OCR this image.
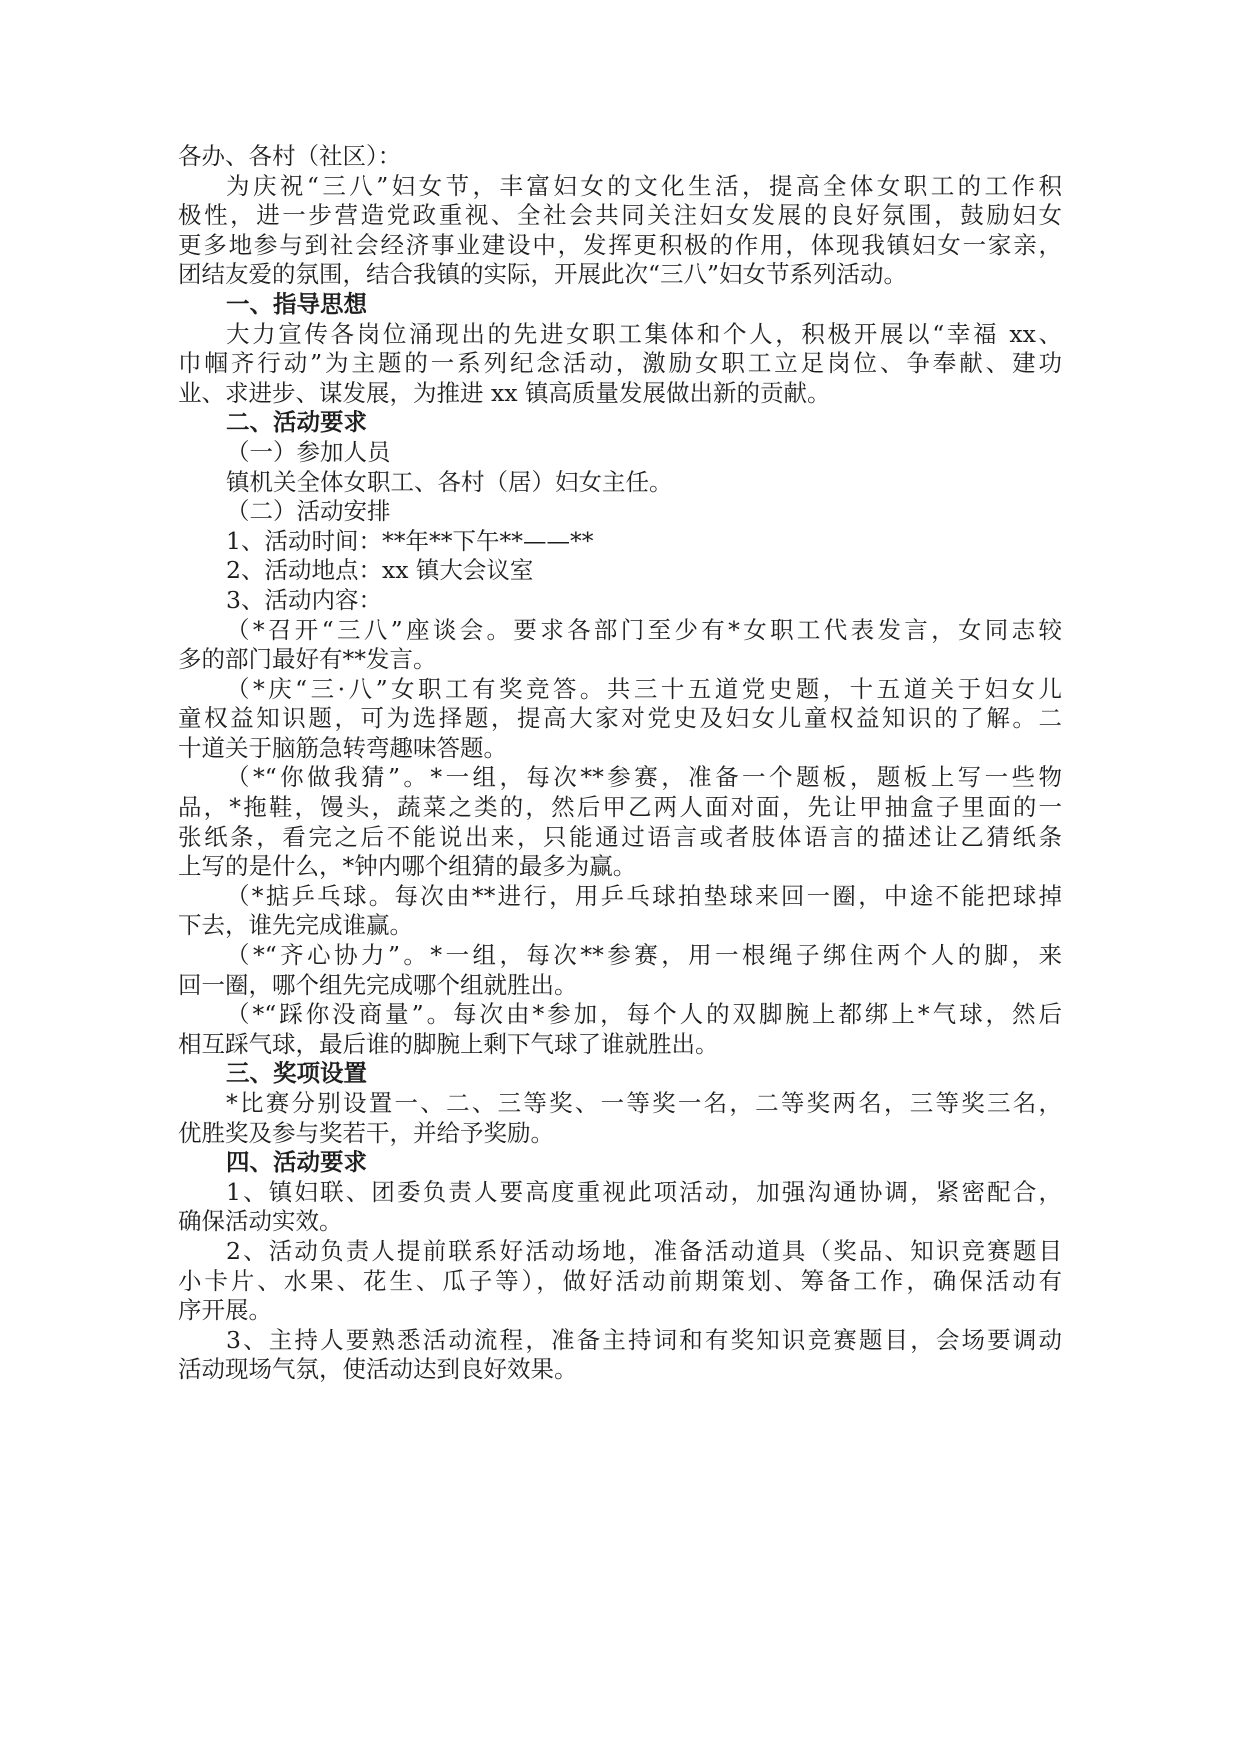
各办、各村（社区）：
为庆祝“三八”妇女节，丰富妇女的文化生活，提高全体女职工的工作积
极性，进一步营造党政重视、全社会共同关注妇女发展的良好氛围，鼓励妇女
更多地参与到社会经济事业建设中，发挥更积极的作用，体现我镇妇女一家亲，
团结友爱的氛围，结合我镇的实际，开展此次“三八”妇女节系列活动。
一、指导思想
大力宣传各岗位涌现出的先进女职工集体和个人，积极开展以“幸福 xx、
巾帼齐行动”为主题的一系列纪念活动，激励女职工立足岗位、争奉献、建功
业、求进步、谋发展，为推进 xx 镇高质量发展做出新的贡献。
二、活动要求
（一）参加人员
镇机关全体女职工、各村（居）妇女主任。
（二）活动安排
1、活动时间：**年**下午**——**
2、活动地点：xx 镇大会议室
3、活动内容：
（*召开“三八”座谈会。要求各部门至少有*女职工代表发言，女同志较
多的部门最好有**发言。
（*庆“三·八”女职工有奖竞答。共三十五道党史题，十五道关于妇女儿
童权益知识题，可为选择题，提高大家对党史及妇女儿童权益知识的了解。二
十道关于脑筋急转弯趣味答题。
（*“你做我猜”。*一组，每次**参赛，准备一个题板，题板上写一些物
品，*拖鞋，馒头，蔬菜之类的，然后甲乙两人面对面，先让甲抽盒子里面的一
张纸条，看完之后不能说出来，只能通过语言或者肢体语言的描述让乙猜纸条
上写的是什么，*钟内哪个组猜的最多为赢。
（*掂乒乓球。每次由**进行，用乒乓球拍垫球来回一圈，中途不能把球掉
下去，谁先完成谁赢。
（*“齐心协力”。*一组，每次**参赛，用一根绳子绑住两个人的脚，来
回一圈，哪个组先完成哪个组就胜出。
（*“踩你没商量”。每次由*参加，每个人的双脚腕上都绑上*气球，然后
相互踩气球，最后谁的脚腕上剩下气球了谁就胜出。
三、奖项设置
*比赛分别设置一、二、三等奖、一等奖一名，二等奖两名，三等奖三名，
优胜奖及参与奖若干，并给予奖励。
四、活动要求
1、镇妇联、团委负责人要高度重视此项活动，加强沟通协调，紧密配合，
确保活动实效。
2、活动负责人提前联系好活动场地，准备活动道具（奖品、知识竞赛题目
小卡片、水果、花生、瓜子等），做好活动前期策划、筹备工作，确保活动有
序开展。
3、主持人要熟悉活动流程，准备主持词和有奖知识竞赛题目，会场要调动
活动现场气氛，使活动达到良好效果。
